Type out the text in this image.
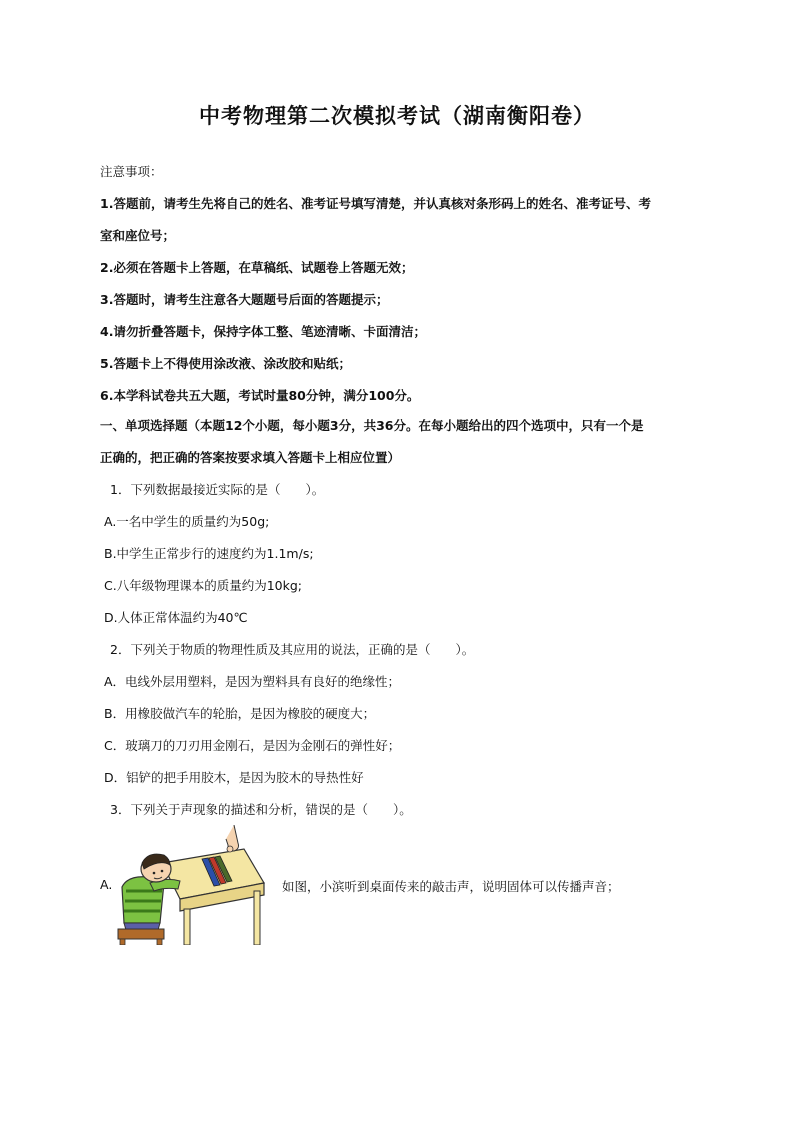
中考物理第二次模拟考试（湖南衡阳卷）
注意事项：
1.答题前，请考生先将自己的姓名、准考证号填写清楚，并认真核对条形码上的姓名、准考证号、考
室和座位号；
2.必须在答题卡上答题，在草稿纸、试题卷上答题无效；
3.答题时，请考生注意各大题题号后面的答题提示；
4.请勿折叠答题卡，保持字体工整、笔迹清晰、卡面清洁；
5.答题卡上不得使用涂改液、涂改胶和贴纸；
6.本学科试卷共五大题，考试时量80分钟，满分100分。
一、单项选择题（本题12个小题，每小题3分，共36分。在每小题给出的四个选项中，只有一个是
正确的，把正确的答案按要求填入答题卡上相应位置）
1．下列数据最接近实际的是（　　）。
A.一名中学生的质量约为50g;
B.中学生正常步行的速度约为1.1m/s;
C.八年级物理课本的质量约为10kg;
D.人体正常体温约为40℃
2．下列关于物质的物理性质及其应用的说法，正确的是（　　）。
A．电线外层用塑料，是因为塑料具有良好的绝缘性；
B．用橡胶做汽车的轮胎，是因为橡胶的硬度大；
C．玻璃刀的刀刃用金刚石，是因为金刚石的弹性好；
D．铝铲的把手用胶木，是因为胶木的导热性好
3．下列关于声现象的描述和分析，错误的是（　　）。
A.	如图，小滨听到桌面传来的敲击声，说明固体可以传播声音；
